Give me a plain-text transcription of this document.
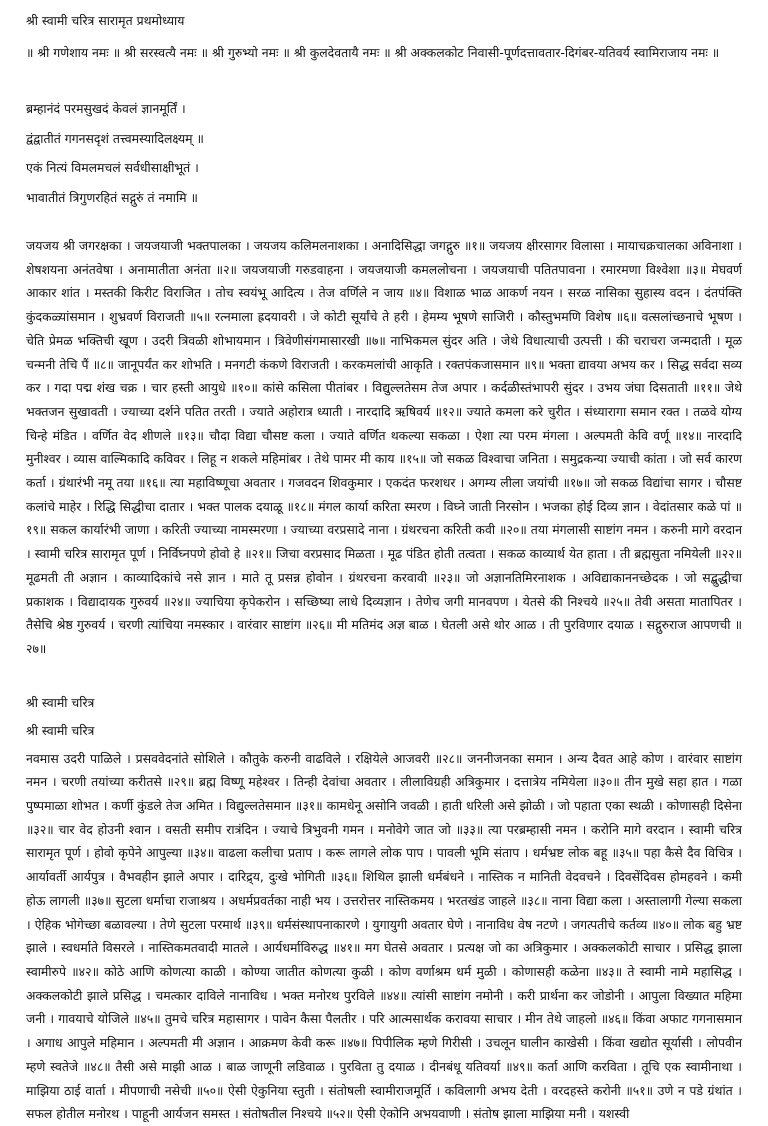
श्री स्वामी चरित्र सारामृत प्रथमोध्याय

॥ श्री गणेशाय नमः ॥ श्री सरस्वत्यै नमः ॥ श्री गुरुभ्यो नमः ॥ श्री कुलदेवतायै नमः ॥ श्री अक्कलकोट निवासी-पूर्णदत्तावतार-दिगंबर-यतिवर्य स्वामिराजाय नमः ॥

ब्रम्हानंदं परमसुखदं केवलं ज्ञानमूर्तिं ।

द्वंद्वातीतं गगनसदृशं तत्त्वमस्यादिलक्ष्यम् ॥

एकं नित्यं विमलमचलं सर्वधीसाक्षीभूतं ।

भावातीतं त्रिगुणरहितं सद्गुरुं तं नमामि ॥

जयजय श्री जगरक्षका । जयजयाजी भक्तपालका । जयजय कलिमलनाशका । अनादिसिद्धा जगद्गुरु ॥१॥ जयजय क्षीरसागर विलासा । मायाचक्रचालका अविनाशा । शेषशयना अनंतवेषा । अनामातीता अनंता ॥२॥ जयजयाजी गरुडवाहना । जयजयाजी कमललोचना । जयजयाची पतितपावना । रमारमणा विश्वेशा ॥३॥ मेघवर्ण आकार शांत । मस्तकी किरीट विराजित । तोच स्वयंभू आदित्य । तेज वर्णिले न जाय ॥४॥ विशाळ भाळ आकर्ण नयन । सरळ नासिका सुहास्य वदन । दंतपंक्ति कुंदकळ्यांसमान । शुभ्रवर्ण विराजती ॥५॥ रत्नमाला ह्रदयावरी । जे कोटी सूर्यांचे ते हरी । हेमम्य भूषणे साजिरी । कौस्तुभमणि विशेष ॥६॥ वत्सलांच्छनाचे भूषण । चेति प्रेमळ भक्तिची खूण । उदरी त्रिवळी शोभायमान । त्रिवेणीसंगमासारखी ॥७॥ नाभिकमल सुंदर अति । जेथे विधात्याची उत्पत्ती । की चराचरा जन्मदाती । मूळ चन्मनी तेचि पैं ॥८॥ जानूपर्यंत कर शोभति । मनगटी कंकणे विराजती । करकमलांची आकृति । रक्तपंकजासमान ॥९॥ भक्ता द्यावया अभय कर । सिद्ध सर्वदा सव्य कर । गदा पद्म शंख चक्र । चार हस्ती आयुधे ॥१०॥ कांसे कसिला पीतांबर । विद्युल्लतेसम तेज अपार । कर्दळीस्तंभापरी सुंदर । उभय जंघा दिसताती ॥११॥ जेथे भक्तजन सुखावती । ज्याच्या दर्शने पतित तरती । ज्याते अहोरात्र ध्याती । नारदादि ऋषिवर्य ॥१२॥ ज्याते कमला करे चुरीत । संध्यारागा समान रक्त । तळवे योग्य चिन्हे मंडित । वर्णित वेद शीणले ॥१३॥ चौदा विद्या चौसष्ट कला । ज्याते वर्णित थकल्या सकळा । ऐशा त्या परम मंगला । अल्पमती केवि वर्णू ॥१४॥ नारदादि मुनीश्वर । व्यास वाल्मिकादि कविवर । लिहू न शकले महिमांबर । तेथे पामर मी काय ॥१५॥ जो सकळ विश्वाचा जनिता । समुद्रकन्या ज्याची कांता । जो सर्व कारण कर्ता । ग्रंथारंभी नमू तया ॥१६॥ त्या महाविष्णूचा अवतार । गजवदन शिवकुमार । एकदंत फरशधर । अगम्य लीला जयांची ॥१७॥ जो सकळ विद्यांचा सागर । चौसष्ट कलांचे माहेर । रिद्धि सिद्धीचा दातार । भक्त पालक दयाळू ॥१८॥ मंगल कार्या करिता स्मरण । विघ्ने जाती निरसोन । भजका होई दिव्य ज्ञान । वेदांतसार कळे पां ॥१९॥ सकल कार्यारंभी जाणा । करिती ज्याच्या नामस्मरणा । ज्याच्या वरप्रसादे नाना । ग्रंथरचना करिती कवी ॥२०॥ तया मंगलासी साष्टांग नमन । करुनी मागे वरदान । स्वामी चरित्र सारामृत पूर्ण । निर्विघ्नपणे होवो हे ॥२१॥ जिचा वरप्रसाद मिळता । मूढ पंडित होती तत्वता । सकळ काव्यार्थ येत हाता । ती ब्रह्मसुता नमियेली ॥२२॥ मूढमती ती अज्ञान । काव्यादिकांचे नसे ज्ञान । माते तू प्रसन्न होवोन । ग्रंथरचना करवावी ॥२३॥ जो अज्ञानतिमिरनाशक । अविद्याकाननच्छेदक । जो सद्बुद्धीचा प्रकाशक । विद्यादायक गुरुवर्य ॥२४॥ ज्याचिया कृपेकरोन । सच्छिष्या लाधे दिव्यज्ञान । तेणेच जगी मानवपण । येतसे की निश्चये ॥२५॥ तेवी असता मातापितर । तैसेचि श्रेष्ठ गुरुवर्य । चरणी त्यांचिया नमस्कार । वारंवार साष्टांग ॥२६॥ मी मतिमंद अज्ञ बाळ । घेतली असे थोर आळ । ती पुरविणार दयाळ । सद्गुरुराज आपणची ॥२७॥

श्री स्वामी चरित्र

श्री स्वामी चरित्र

नवमास उदरी पाळिले । प्रसववेदनांते सोशिले । कौतुके करुनी वाढविले । रक्षियेले आजवरी ॥२८॥ जननीजनका समान । अन्य दैवत आहे कोण । वारंवार साष्टांग नमन । चरणी तयांच्या करीतसे ॥२९॥ ब्रह्म विष्णू महेश्वर । तिन्ही देवांचा अवतार । लीलाविग्रही अत्रिकुमार । दत्तात्रेय नमियेला ॥३०॥ तीन मुखे सहा हात । गळा पुष्पमाळा शोभत । कर्णी कुंडले तेज अमित । विद्युल्लतेसमान ॥३१॥ कामधेनू असोनि जवळी । हाती धरिली असे झोळी । जो पहाता एका स्थळी । कोणासही दिसेना ॥३२॥ चार वेद होउनी श्वान । वसती समीप रात्रंदिन । ज्याचे त्रिभुवनी गमन । मनोवेगे जात जो ॥३३॥ त्या परब्रम्हासी नमन । करोनि मागे वरदान । स्वामी चरित्र सारामृत पूर्ण । होवो कृपेने आपुल्या ॥३४॥ वाढला कलीचा प्रताप । करू लागले लोक पाप । पावली भूमि संताप । धर्मभ्रष्ट लोक बहू ॥३५॥ पहा कैसे दैव विचित्र । आर्यावर्ती आर्यपुत्र । वैभवहीन झाले अपार । दारिद्र्य, दुःखे भोगिती ॥३६॥ शिथिल झाली धर्मबंधने । नास्तिक न मानिती वेदवचने । दिवसेंदिवस होमहवने । कमी होऊ लागली ॥३७॥ सुटला धर्माचा राजाश्रय । अधर्मप्रवर्तका नाही भय । उत्तरोत्तर नास्तिकमय । भरतखंड जाहले ॥३८॥ नाना विद्या कला । अस्तालागी गेल्या सकला । ऐहिक भोगेच्छा बळावल्या । तेणे सुटला परमार्थ ॥३९॥ धर्मसंस्थापनाकारणे । युगायुगी अवतार घेणे । नानाविध वेष नटणे । जगत्पतीचे कर्तव्य ॥४०॥ लोक बहु भ्रष्ट झाले । स्वधर्माते विसरले । नास्तिकमतवादी मातले । आर्यधर्माविरुद्ध ॥४१॥ मग घेतसे अवतार । प्रत्यक्ष जो का अत्रिकुमार । अक्कलकोटी साचार । प्रसिद्ध झाला स्वामीरुपे ॥४२॥ कोठे आणि कोणत्या काळी । कोण्या जातीत कोणत्या कुळी । कोण वर्णाश्रम धर्म मुळी । कोणासही कळेना ॥४३॥ ते स्वामी नामे महासिद्ध । अक्कलकोटी झाले प्रसिद्ध । चमत्कार दाविले नानाविध । भक्त मनोरथ पुरविले ॥४४॥ त्यांसी साष्टांग नमोनी । करी प्रार्थना कर जोडोनी । आपुला विख्यात महिमा जनी । गावयाचे योजिले ॥४५॥ तुमचे चरित्र महासागर । पावेन कैसा पैलतीर । परि आत्मसार्थक करावया साचार । मीन तेथे जाहलो ॥४६॥ किंवा अफाट गगनासमान । अगाध आपुले महिमान । अल्पमती मी अज्ञान । आक्रमण केवी करू ॥४७॥ पिपीलिक म्हणे गिरीसी । उचलून घालीन काखेसी । किंवा खद्योत सूर्यासी । लोपवीन म्हणे स्वतेजे ॥४८॥ तैसी असे माझी आळ । बाळ जाणूनी लडिवाळ । पुरविता तु दयाळ । दीनबंधू यतिवर्या ॥४९॥ कर्ता आणि करविता । तूचि एक स्वामीनाथा । माझिया ठाई वार्ता । मीपणाची नसेची ॥५०॥ ऐसी ऐकुनिया स्तुती । संतोषली स्वामीराजमूर्ति । कविलागी अभय देती । वरदहस्ते करोनी ॥५१॥ उणे न पडे ग्रंथांत । सफल होतील मनोरथ । पाहूनी आर्यजन समस्त । संतोषतील निश्चये ॥५२॥ ऐसी ऐकोनि अभयवाणी । संतोष झाला माझिया मनी । यशस्वी
